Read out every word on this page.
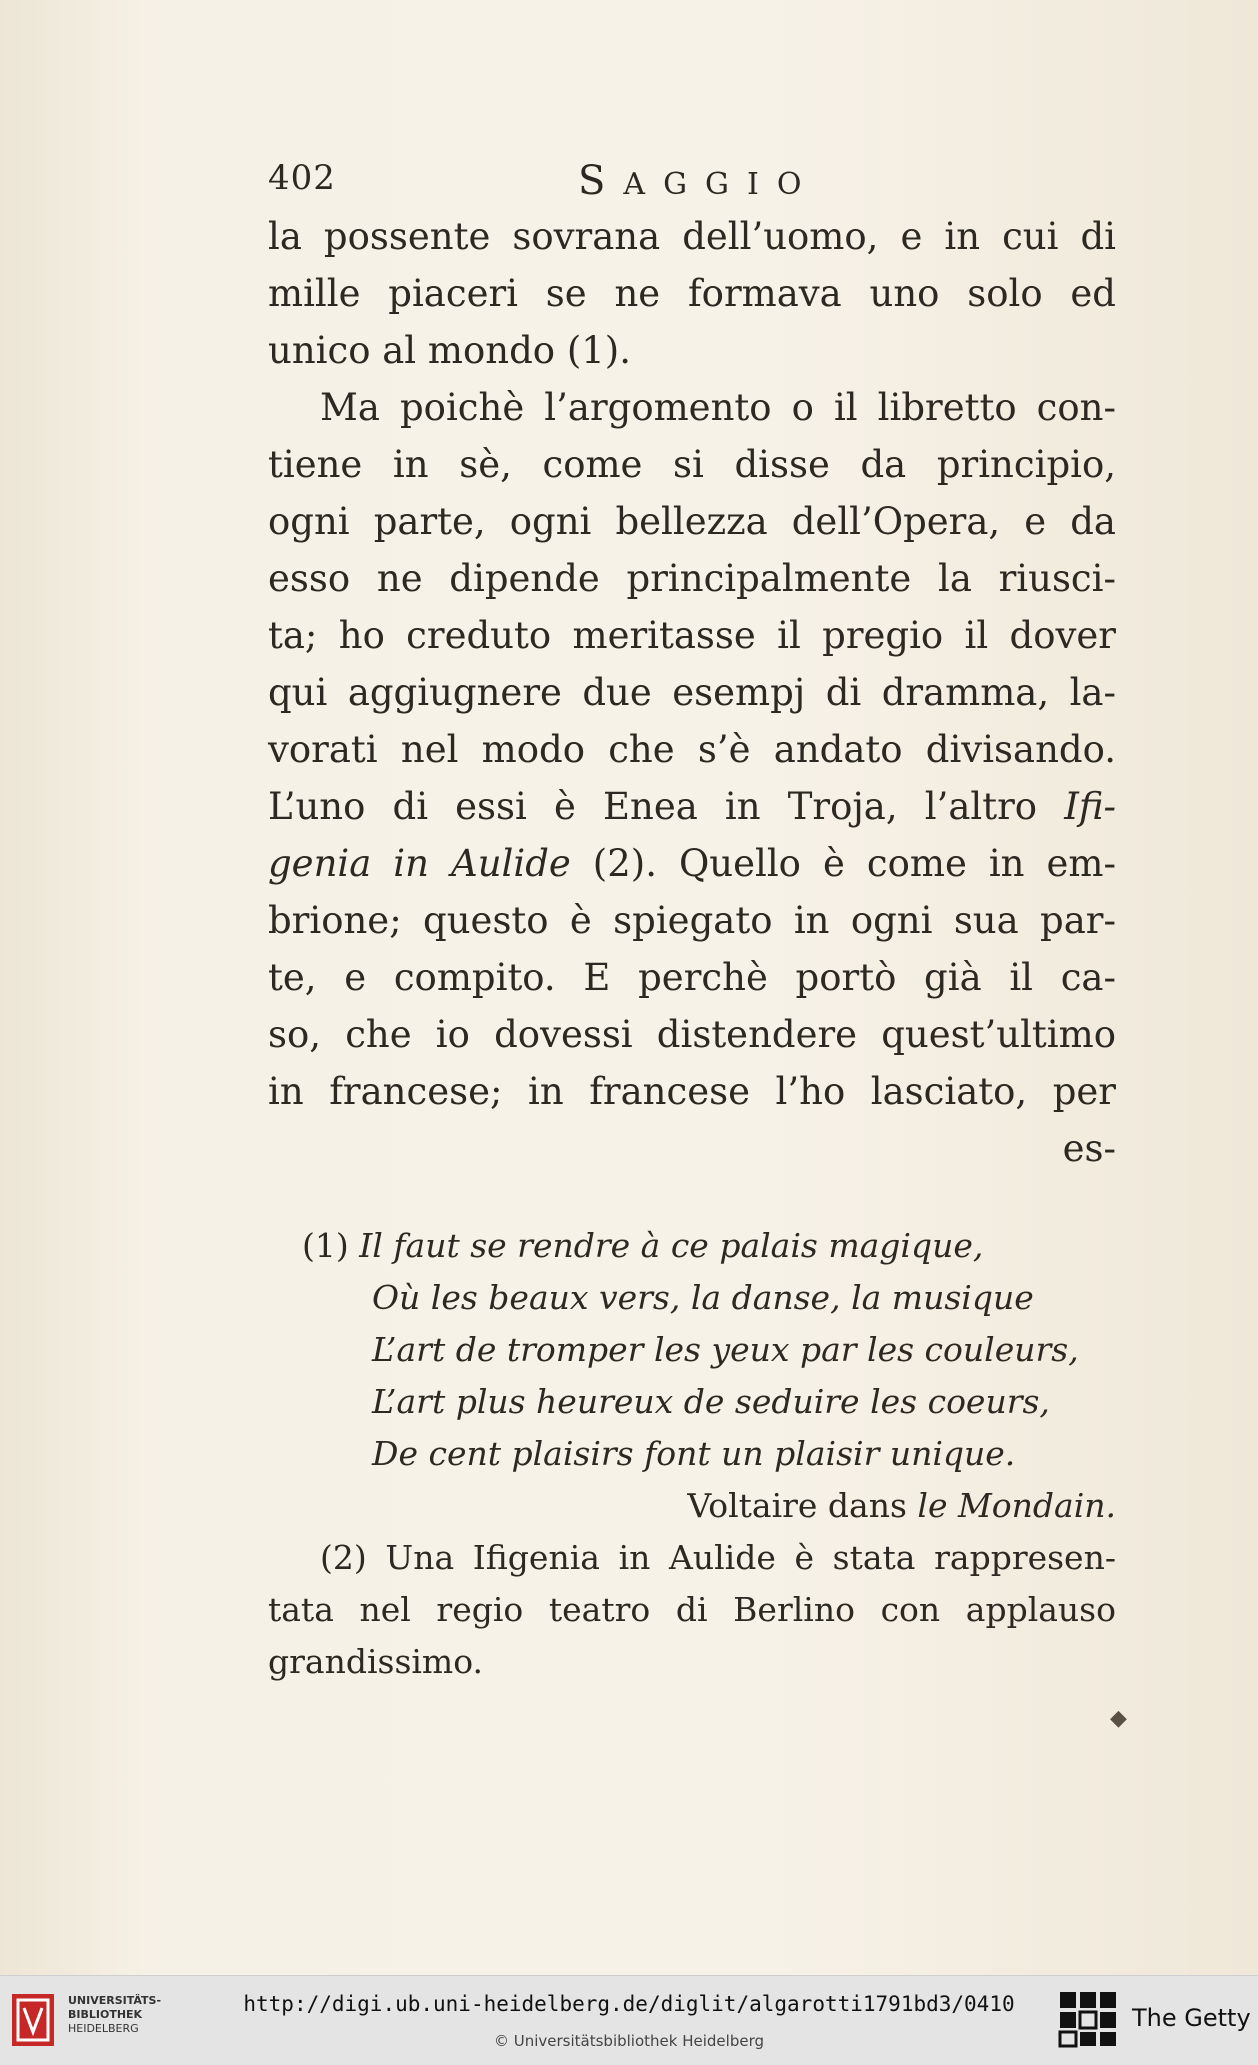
402	SAGGIO
la possente sovrana dell’uomo, e in cui di
mille piaceri se ne formava uno solo ed
unico al mondo (1).
Ma poichè l’argomento o il libretto con-
tiene in sè, come si disse da principio,
ogni parte, ogni bellezza dell’Opera, e da
esso ne dipende principalmente la riusci-
ta; ho creduto meritasse il pregio il dover
qui aggiugnere due esempj di dramma, la-
vorati nel modo che s’è andato divisando.
L’uno di essi è Enea in Troja, l’altro Ifi-
genia in Aulide (2). Quello è come in em-
brione; questo è spiegato in ogni sua par-
te, e compito. E perchè portò già il ca-
so, che io dovessi distendere quest’ultimo
in francese; in francese l’ho lasciato, per
es-
(1) Il faut se rendre à ce palais magique,
Où les beaux vers, la danse, la musique
L’art de tromper les yeux par les couleurs,
L’art plus heureux de seduire les coeurs,
De cent plaisirs font un plaisir unique.
Voltaire dans le Mondain.
(2) Una Ifigenia in Aulide è stata rappresen-
tata nel regio teatro di Berlino con applauso
grandissimo.
◆
UNIVERSITÄTS-
BIBLIOTHEK
HEIDELBERG
http://digi.ub.uni-heidelberg.de/diglit/algarotti1791bd3/0410
© Universitätsbibliothek Heidelberg
The Getty
